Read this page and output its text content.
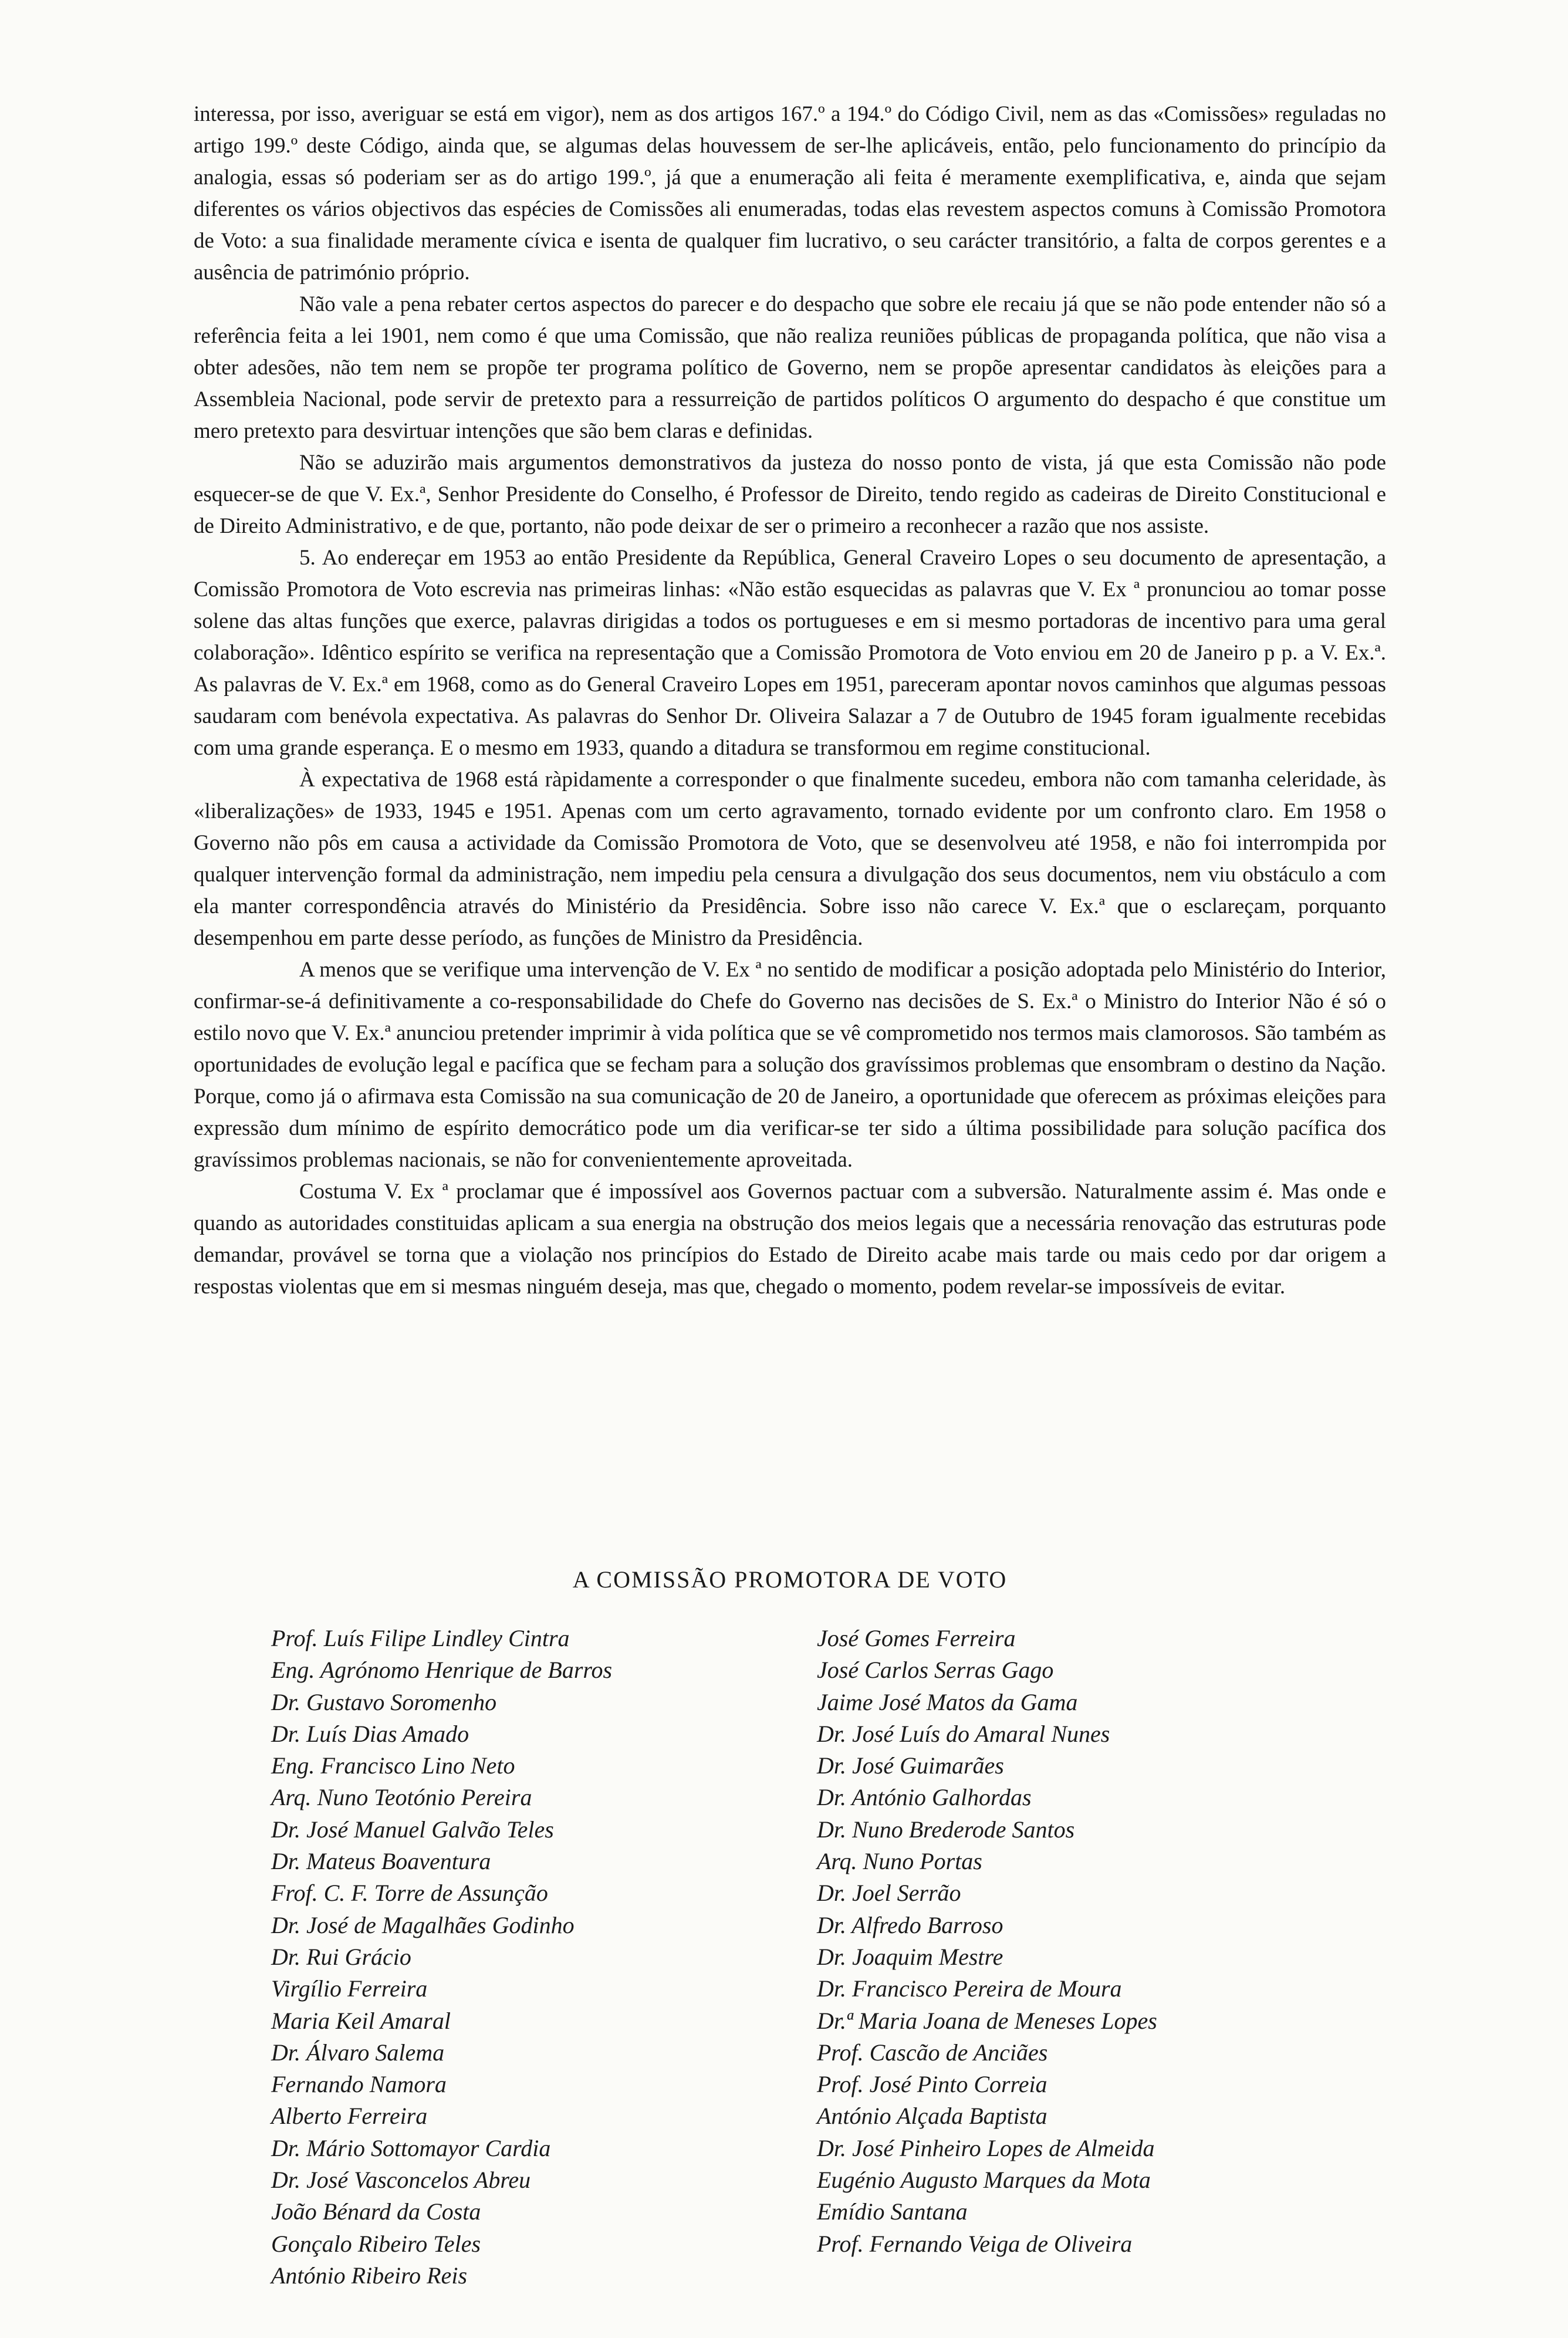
interessa, por isso, averiguar se está em vigor), nem as dos artigos 167.º a 194.º do Código Civil, nem as das «Comissões» reguladas no artigo 199.º deste Código, ainda que, se algumas delas houvessem de ser-lhe aplicáveis, então, pelo funcionamento do princípio da analogia, essas só poderiam ser as do artigo 199.º, já que a enumeração ali feita é meramente exemplificativa, e, ainda que sejam diferentes os vários objectivos das espécies de Comissões ali enumeradas, todas elas revestem aspectos comuns à Comissão Promotora de Voto: a sua finalidade meramente cívica e isenta de qualquer fim lucrativo, o seu carácter transitório, a falta de corpos gerentes e a ausência de património próprio.

Não vale a pena rebater certos aspectos do parecer e do despacho que sobre ele recaiu já que se não pode entender não só a referência feita a lei 1901, nem como é que uma Comissão, que não realiza reuniões públicas de propaganda política, que não visa a obter adesões, não tem nem se propõe ter programa político de Governo, nem se propõe apresentar candidatos às eleições para a Assembleia Nacional, pode servir de pretexto para a ressurreição de partidos políticos O argumento do despacho é que constitue um mero pretexto para desvirtuar intenções que são bem claras e definidas.

Não se aduzirão mais argumentos demonstrativos da justeza do nosso ponto de vista, já que esta Comissão não pode esquecer-se de que V. Ex.ª, Senhor Presidente do Conselho, é Professor de Direito, tendo regido as cadeiras de Direito Constitucional e de Direito Administrativo, e de que, portanto, não pode deixar de ser o primeiro a reconhecer a razão que nos assiste.

5. Ao endereçar em 1953 ao então Presidente da República, General Craveiro Lopes o seu documento de apresentação, a Comissão Promotora de Voto escrevia nas primeiras linhas: «Não estão esquecidas as palavras que V. Ex ª pronunciou ao tomar posse solene das altas funções que exerce, palavras dirigidas a todos os portugueses e em si mesmo portadoras de incentivo para uma geral colaboração». Idêntico espírito se verifica na representação que a Comissão Promotora de Voto enviou em 20 de Janeiro p p. a V. Ex.ª. As palavras de V. Ex.ª em 1968, como as do General Craveiro Lopes em 1951, pareceram apontar novos caminhos que algumas pessoas saudaram com benévola expectativa. As palavras do Senhor Dr. Oliveira Salazar a 7 de Outubro de 1945 foram igualmente recebidas com uma grande esperança. E o mesmo em 1933, quando a ditadura se transformou em regime constitucional.

À expectativa de 1968 está ràpidamente a corresponder o que finalmente sucedeu, embora não com tamanha celeridade, às «liberalizações» de 1933, 1945 e 1951. Apenas com um certo agravamento, tornado evidente por um confronto claro. Em 1958 o Governo não pôs em causa a actividade da Comissão Promotora de Voto, que se desenvolveu até 1958, e não foi interrompida por qualquer intervenção formal da administração, nem impediu pela censura a divulgação dos seus documentos, nem viu obstáculo a com ela manter correspondência através do Ministério da Presidência. Sobre isso não carece V. Ex.ª que o esclareçam, porquanto desempenhou em parte desse período, as funções de Ministro da Presidência.

A menos que se verifique uma intervenção de V. Ex ª no sentido de modificar a posição adoptada pelo Ministério do Interior, confirmar-se-á definitivamente a co-responsabilidade do Chefe do Governo nas decisões de S. Ex.ª o Ministro do Interior Não é só o estilo novo que V. Ex.ª anunciou pretender imprimir à vida política que se vê comprometido nos termos mais clamorosos. São também as oportunidades de evolução legal e pacífica que se fecham para a solução dos gravíssimos problemas que ensombram o destino da Nação. Porque, como já o afirmava esta Comissão na sua comunicação de 20 de Janeiro, a oportunidade que oferecem as próximas eleições para expressão dum mínimo de espírito democrático pode um dia verificar-se ter sido a última possibilidade para solução pacífica dos gravíssimos problemas nacionais, se não for convenientemente aproveitada.

Costuma V. Ex ª proclamar que é impossível aos Governos pactuar com a subversão. Naturalmente assim é. Mas onde e quando as autoridades constituidas aplicam a sua energia na obstrução dos meios legais que a necessária renovação das estruturas pode demandar, provável se torna que a violação nos princípios do Estado de Direito acabe mais tarde ou mais cedo por dar origem a respostas violentas que em si mesmas ninguém deseja, mas que, chegado o momento, podem revelar-se impossíveis de evitar.

A COMISSÃO PROMOTORA DE VOTO
Prof. Luís Filipe Lindley Cintra
Eng. Agrónomo Henrique de Barros
Dr. Gustavo Soromenho
Dr. Luís Dias Amado
Eng. Francisco Lino Neto
Arq. Nuno Teotónio Pereira
Dr. José Manuel Galvão Teles
Dr. Mateus Boaventura
Frof. C. F. Torre de Assunção
Dr. José de Magalhães Godinho
Dr. Rui Grácio
Virgílio Ferreira
Maria Keil Amaral
Dr. Álvaro Salema
Fernando Namora
Alberto Ferreira
Dr. Mário Sottomayor Cardia
Dr. José Vasconcelos Abreu
João Bénard da Costa
Gonçalo Ribeiro Teles
António Ribeiro Reis
José Gomes Ferreira
José Carlos Serras Gago
Jaime José Matos da Gama
Dr. José Luís do Amaral Nunes
Dr. José Guimarães
Dr. António Galhordas
Dr. Nuno Brederode Santos
Arq. Nuno Portas
Dr. Joel Serrão
Dr. Alfredo Barroso
Dr. Joaquim Mestre
Dr. Francisco Pereira de Moura
Dr.ª Maria Joana de Meneses Lopes
Prof. Cascão de Anciães
Prof. José Pinto Correia
António Alçada Baptista
Dr. José Pinheiro Lopes de Almeida
Eugénio Augusto Marques da Mota
Emídio Santana
Prof. Fernando Veiga de Oliveira
